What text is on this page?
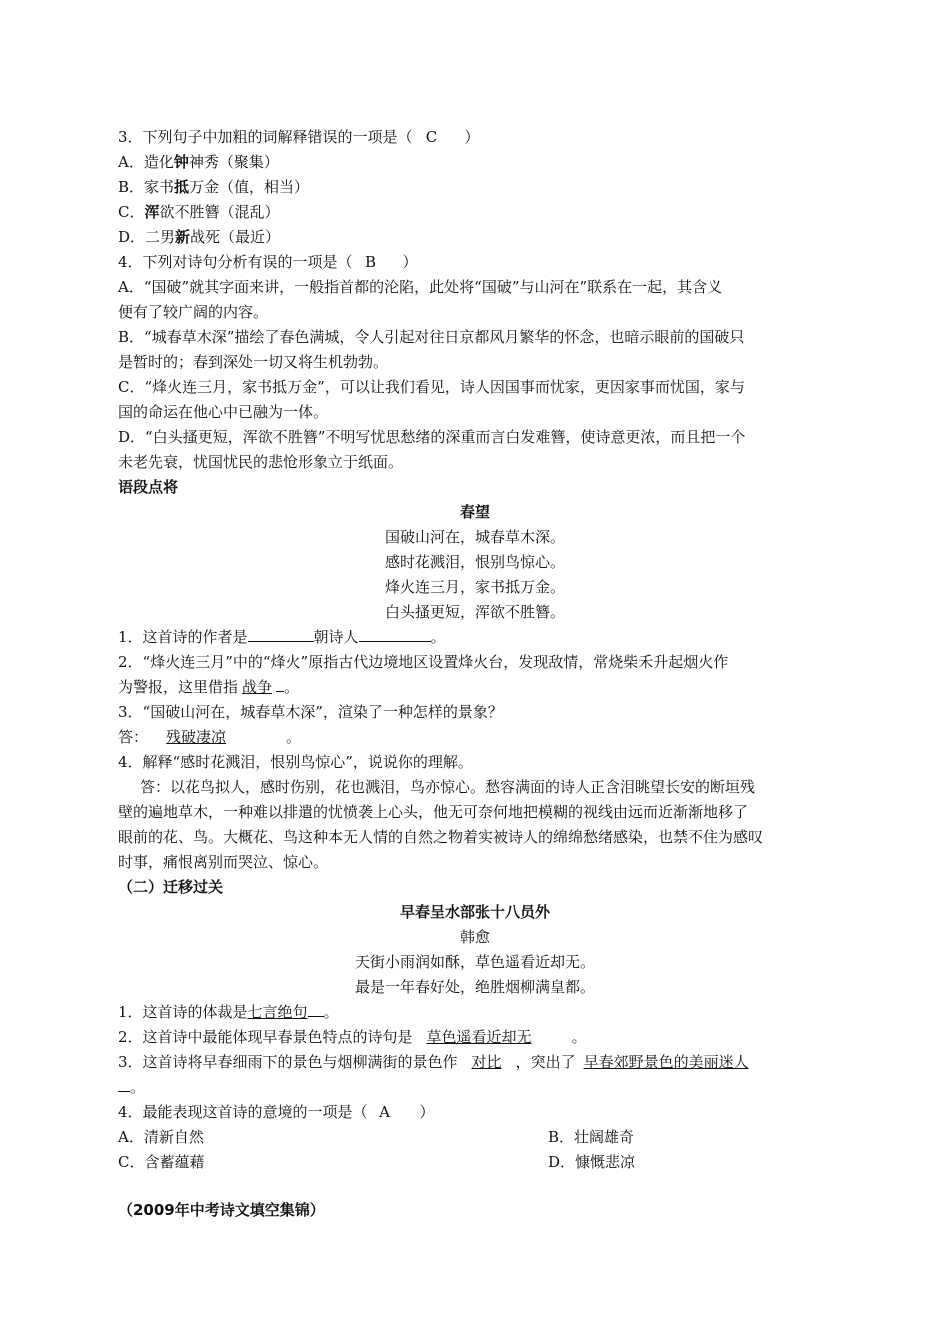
3．下列句子中加粗的词解释错误的一项是（ C ）
A．造化钟神秀（聚集）
B．家书抵万金（值，相当）
C．浑欲不胜簪（混乱）
D．二男新战死（最近）
4．下列对诗句分析有误的一项是（ B ）
A．“国破”就其字面来讲，一般指首都的沦陷，此处将“国破”与山河在”联系在一起，其含义
便有了较广阔的内容。
B．“城春草木深”描绘了春色满城，令人引起对往日京都风月繁华的怀念，也暗示眼前的国破只
是暂时的；春到深处一切又将生机勃勃。
C．“烽火连三月，家书抵万金”，可以让我们看见，诗人因国事而忧家，更因家事而忧国，家与
国的命运在他心中已融为一体。
D．“白头搔更短，浑欲不胜簪”不明写忧思愁绪的深重而言白发难簪，使诗意更浓，而且把一个
未老先衰，忧国忧民的悲怆形象立于纸面。
语段点将
春望
国破山河在，城春草木深。
感时花溅泪，恨别鸟惊心。
烽火连三月，家书抵万金。
白头搔更短，浑欲不胜簪。
1．这首诗的作者是	朝诗人	。
2．“烽火连三月”中的“烽火”原指古代边境地区设置烽火台，发现敌情，常烧柴禾升起烟火作
为警报，这里借指 战争 。
3．“国破山河在，城春草木深”，渲染了一种怎样的景象？
答： 残破凄凉	。
4．解释“感时花溅泪，恨别鸟惊心”，说说你的理解。
答：以花鸟拟人，感时伤别，花也溅泪，鸟亦惊心。愁容满面的诗人正含泪眺望长安的断垣残
壁的遍地草木，一种难以排遣的忧愤袭上心头，他无可奈何地把模糊的视线由远而近渐渐地移了
眼前的花、鸟。大概花、鸟这种本无人情的自然之物着实被诗人的绵绵愁绪感染，也禁不住为感叹
时事，痛恨离别而哭泣、惊心。
（二）迁移过关
早春呈水部张十八员外
韩愈
天街小雨润如酥，草色遥看近却无。
最是一年春好处，绝胜烟柳满皇都。
1．这首诗的体裁是七言绝句 。
2．这首诗中最能体现早春景色特点的诗句是 草色遥看近却无	。
3．这首诗将早春细雨下的景色与烟柳满街的景色作 对比 ，突出了 早春郊野景色的美丽迷人
。
4．最能表现这首诗的意境的一项是（ A ）
A．清新自然	B．壮阔雄奇
C．含蓄蕴藉	D．慷慨悲凉
（2009年中考诗文填空集锦）
